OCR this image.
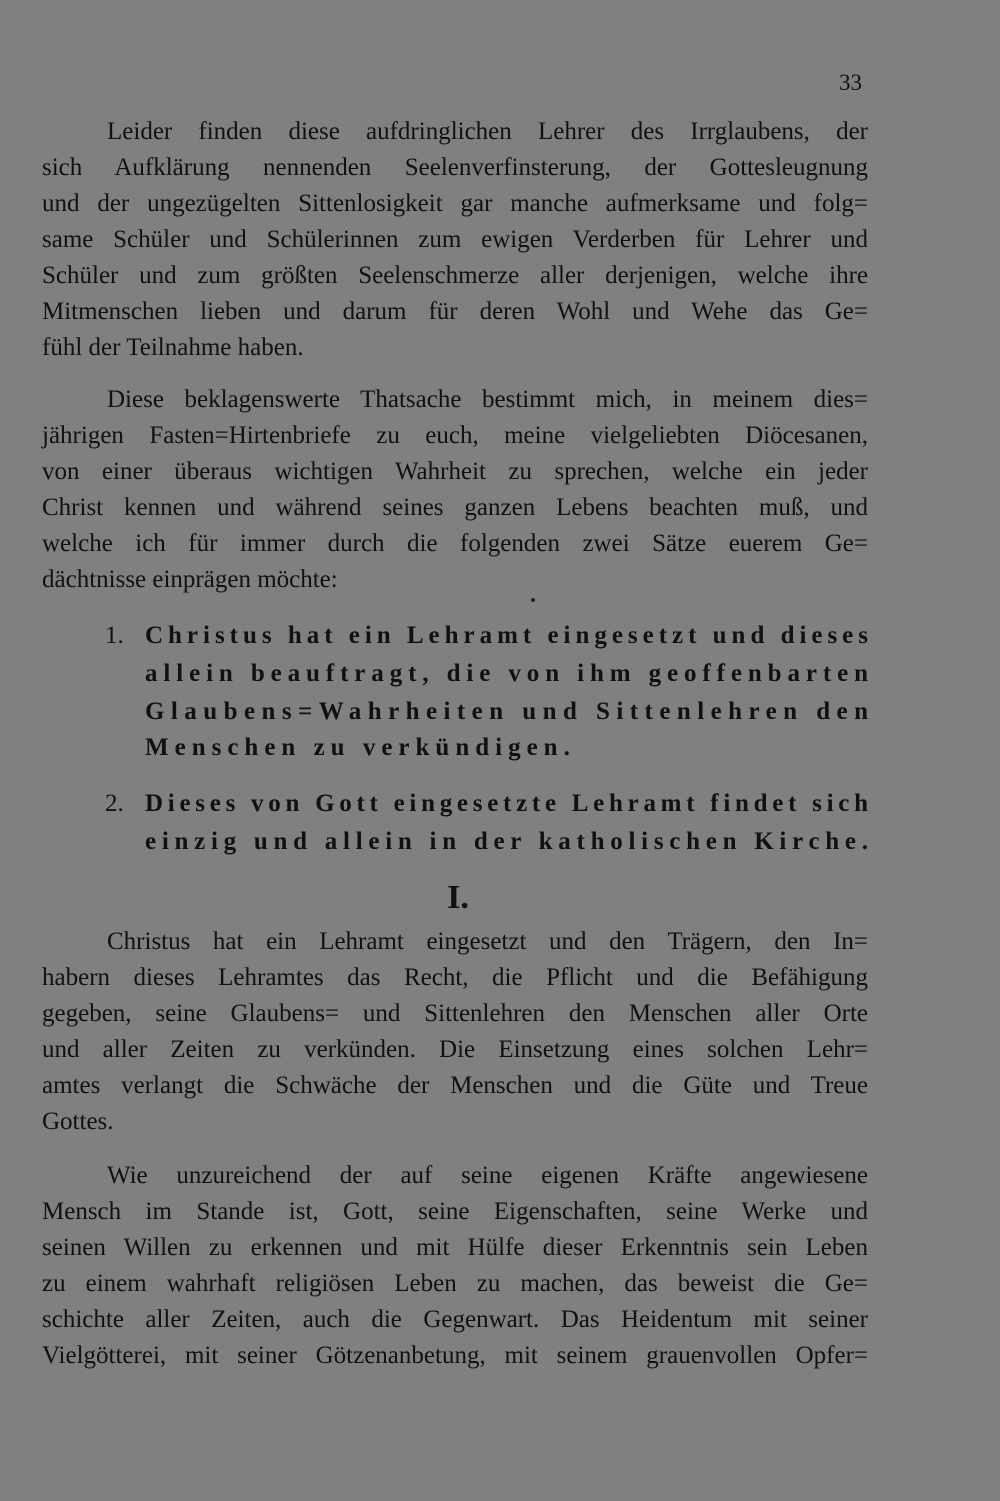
33
Leider finden diese aufdringlichen Lehrer des Irrglaubens, der
sich Aufklärung nennenden Seelenverfinsterung, der Gottesleugnung
und der ungezügelten Sittenlosigkeit gar manche aufmerksame und folg=
same Schüler und Schülerinnen zum ewigen Verderben für Lehrer und
Schüler und zum größten Seelenschmerze aller derjenigen, welche ihre
Mitmenschen lieben und darum für deren Wohl und Wehe das Ge=
fühl der Teilnahme haben.
Diese beklagenswerte Thatsache bestimmt mich, in meinem dies=
jährigen Fasten=Hirtenbriefe zu euch, meine vielgeliebten Diöcesanen,
von einer überaus wichtigen Wahrheit zu sprechen, welche ein jeder
Christ kennen und während seines ganzen Lebens beachten muß, und
welche ich für immer durch die folgenden zwei Sätze euerem Ge=
dächtnisse einprägen möchte:
1. Christus hat ein Lehramt eingesetzt und dieses
allein beauftragt, die von ihm geoffenbarten
Glaubens=Wahrheiten und Sittenlehren den
Menschen zu verkündigen.
2. Dieses von Gott eingesetzte Lehramt findet sich
einzig und allein in der katholischen Kirche.
I.
Christus hat ein Lehramt eingesetzt und den Trägern, den In=
habern dieses Lehramtes das Recht, die Pflicht und die Befähigung
gegeben, seine Glaubens= und Sittenlehren den Menschen aller Orte
und aller Zeiten zu verkünden. Die Einsetzung eines solchen Lehr=
amtes verlangt die Schwäche der Menschen und die Güte und Treue
Gottes.
Wie unzureichend der auf seine eigenen Kräfte angewiesene
Mensch im Stande ist, Gott, seine Eigenschaften, seine Werke und
seinen Willen zu erkennen und mit Hülfe dieser Erkenntnis sein Leben
zu einem wahrhaft religiösen Leben zu machen, das beweist die Ge=
schichte aller Zeiten, auch die Gegenwart. Das Heidentum mit seiner
Vielgötterei, mit seiner Götzenanbetung, mit seinem grauenvollen Opfer=
